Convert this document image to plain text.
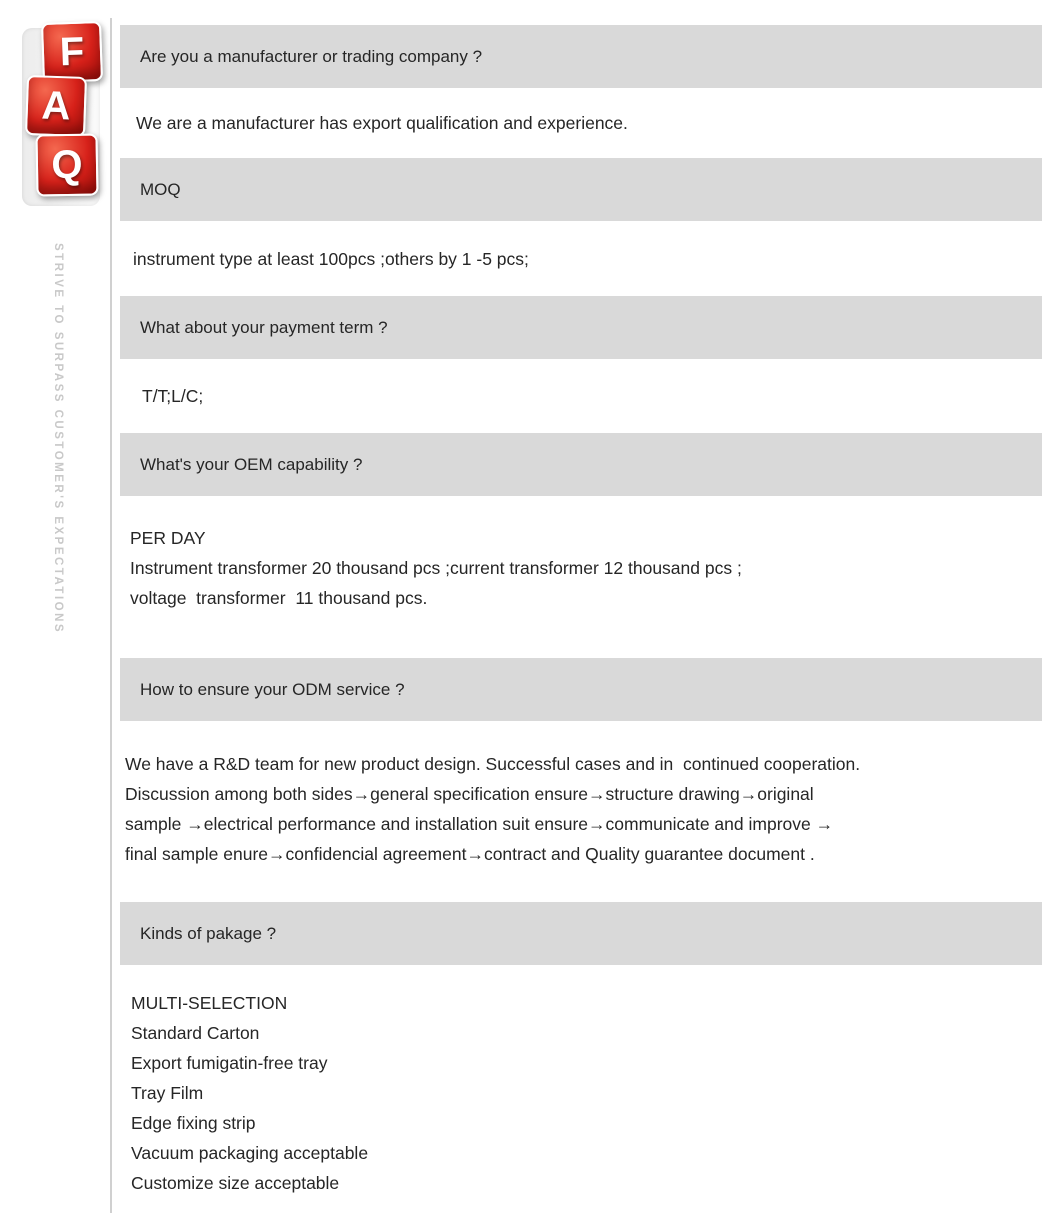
F
A
Q
STRIVE TO SURPASS CUSTOMER'S EXPECTATIONS
Are you a manufacturer or trading company ?
We are a manufacturer has export qualification and experience.
MOQ
instrument type at least 100pcs ;others by 1 -5 pcs;
What about your payment term ?
T/T;L/C;
What's your OEM capability ?
PER DAY
Instrument transformer 20 thousand pcs ;current transformer 12 thousand pcs ;
voltage  transformer  11 thousand pcs.
How to ensure your ODM service ?
We have a R&D team for new product design. Successful cases and in  continued cooperation.
Discussion among both sides→general specification ensure→structure drawing→original
sample →electrical performance and installation suit ensure→communicate and improve →
final sample enure→confidencial agreement→contract and Quality guarantee document .
Kinds of pakage ?
MULTI-SELECTION
Standard Carton
Export fumigatin-free tray
Tray Film
Edge fixing strip
Vacuum packaging acceptable
Customize size acceptable
